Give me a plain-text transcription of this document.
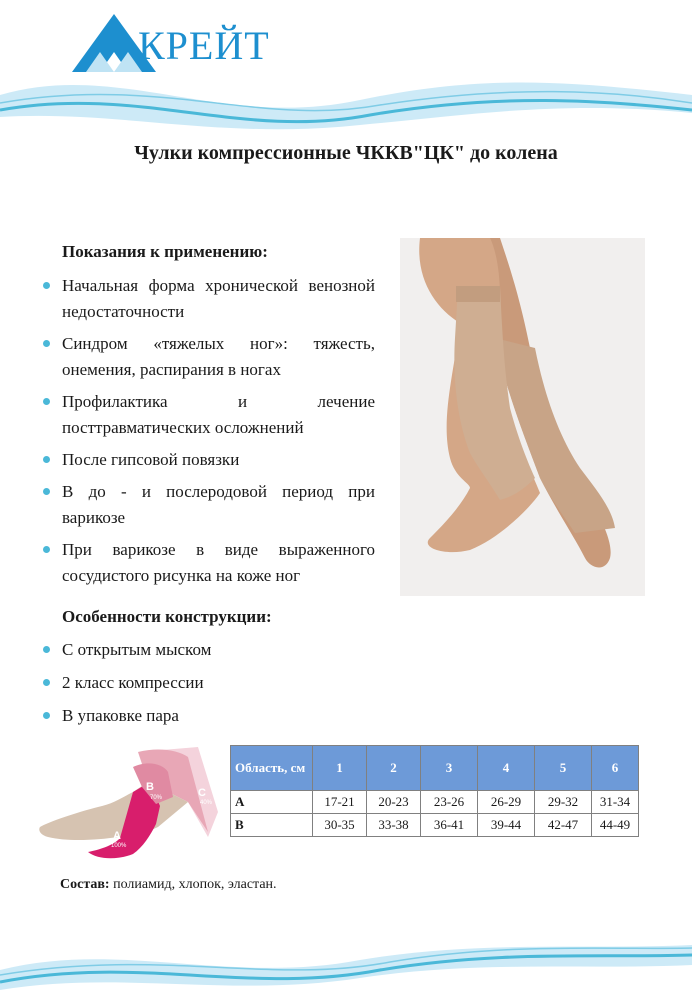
КРЕЙТ
Чулки компрессионные ЧККВ"ЦК" до колена
Показания к применению:
Начальная форма хронической венозной недостаточности
Синдром «тяжелых ног»: тяжесть, онемения, распирания в ногах
Профилактика и лечение посттравматических осложнений
После гипсовой повязки
В до - и послеродовой период при варикозе
При варикозе в виде выраженного сосудистого рисунка на коже ног
Особенности конструкции:
С открытым мыском
2 класс компрессии
В упаковке пара
B
70%	C
40%
A
100%
Область, см	1	2	3	4	5	6
A	17-21	20-23	23-26	26-29	29-32	31-34
B	30-35	33-38	36-41	39-44	42-47	44-49
Состав: полиамид, хлопок, эластан.
